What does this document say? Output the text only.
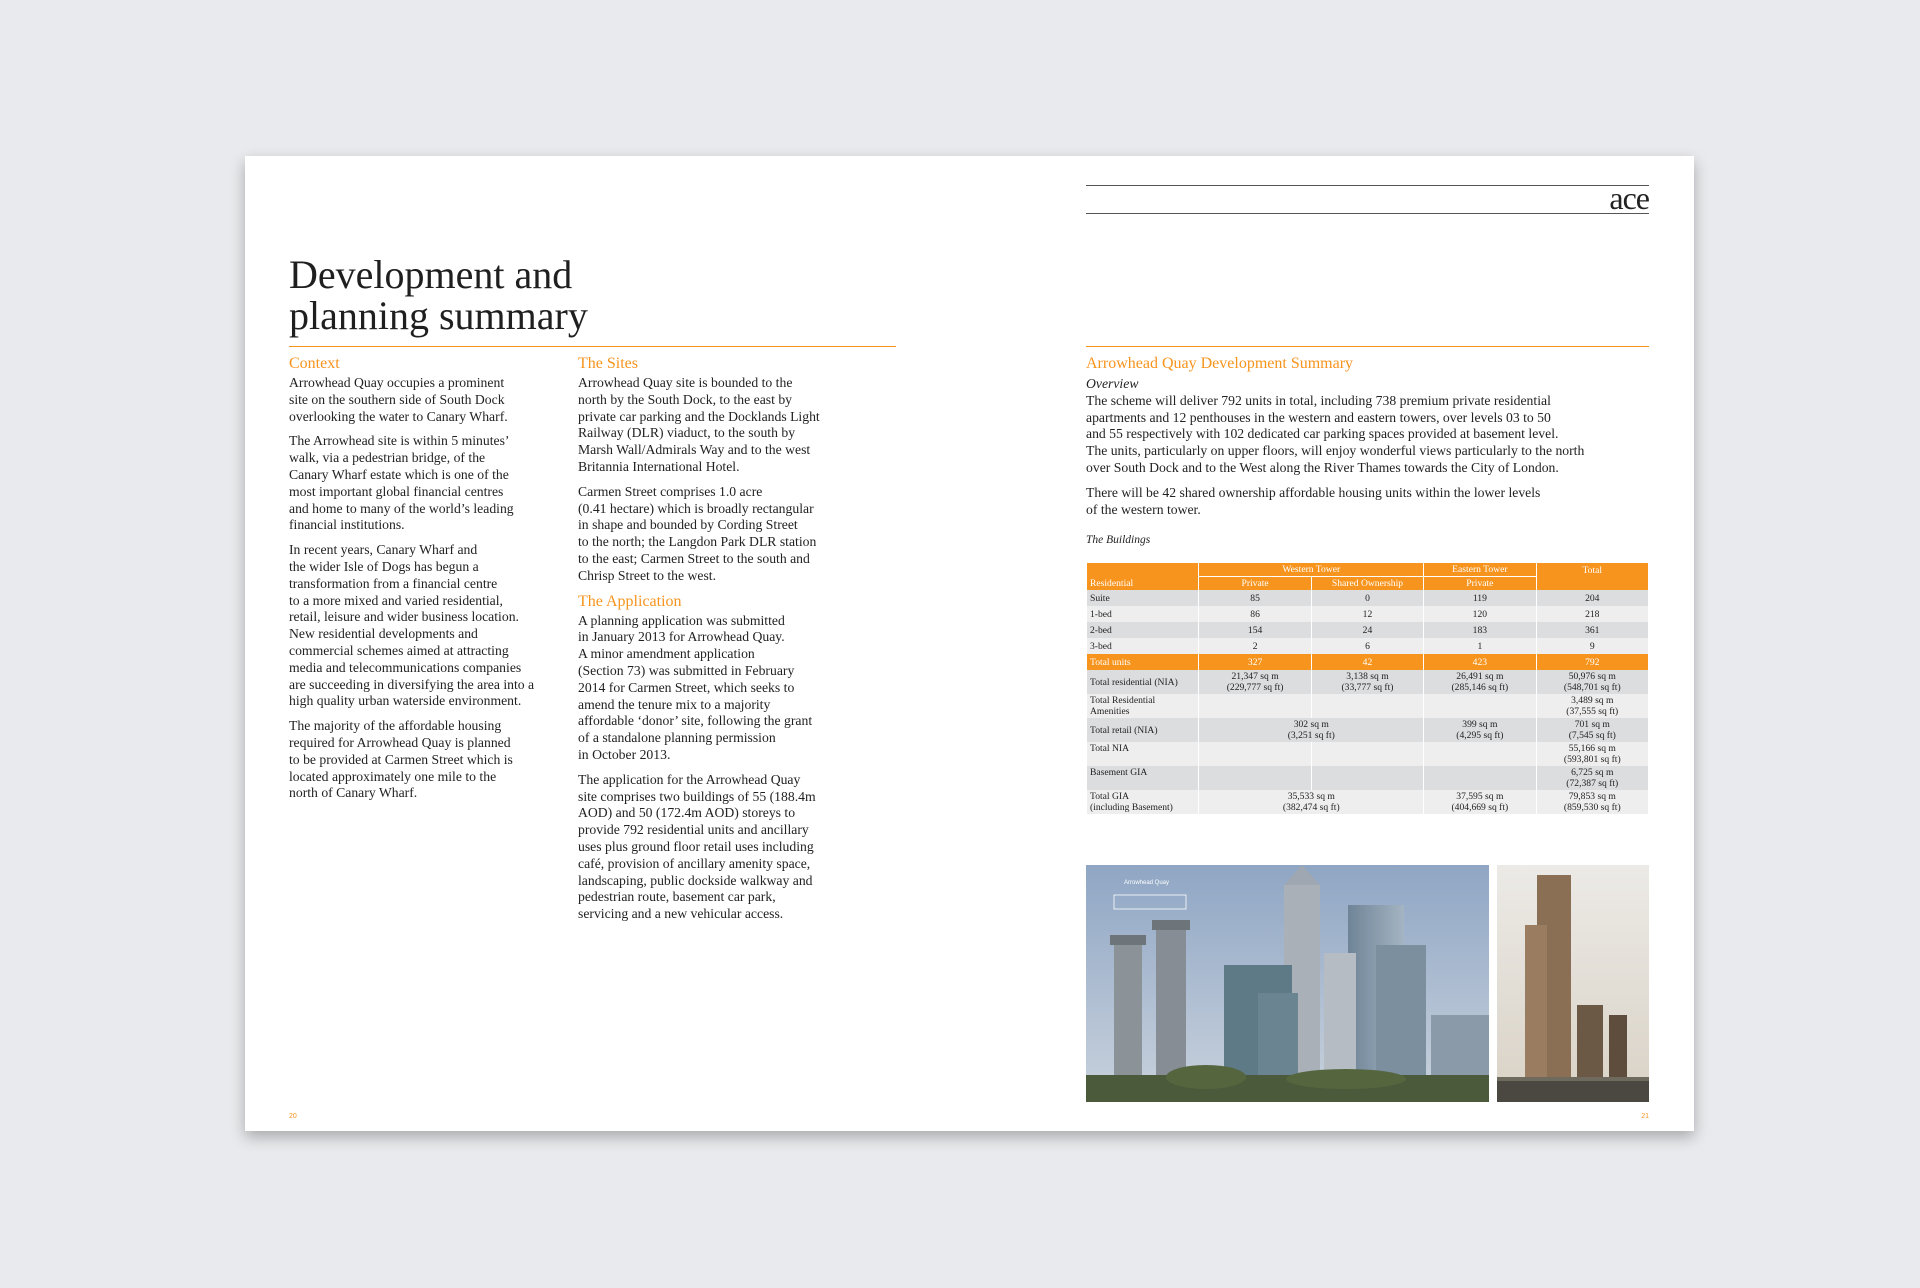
Development and
planning summary
Context

Arrowhead Quay occupies a prominent
site on the southern side of South Dock
overlooking the water to Canary Wharf.

The Arrowhead site is within 5 minutes’
walk, via a pedestrian bridge, of the
Canary Wharf estate which is one of the
most important global financial centres
and home to many of the world’s leading
financial institutions.

In recent years, Canary Wharf and
the wider Isle of Dogs has begun a
transformation from a financial centre
to a more mixed and varied residential,
retail, leisure and wider business location.
New residential developments and
commercial schemes aimed at attracting
media and telecommunications companies
are succeeding in diversifying the area into a
high quality urban waterside environment.

The majority of the affordable housing
required for Arrowhead Quay is planned
to be provided at Carmen Street which is
located approximately one mile to the
north of Canary Wharf.

The Sites

Arrowhead Quay site is bounded to the
north by the South Dock, to the east by
private car parking and the Docklands Light
Railway (DLR) viaduct, to the south by
Marsh Wall/Admirals Way and to the west
Britannia International Hotel.

Carmen Street comprises 1.0 acre
(0.41 hectare) which is broadly rectangular
in shape and bounded by Cording Street
to the north; the Langdon Park DLR station
to the east; Carmen Street to the south and
Chrisp Street to the west.

The Application

A planning application was submitted
in January 2013 for Arrowhead Quay.
A minor amendment application
(Section 73) was submitted in February
2014 for Carmen Street, which seeks to
amend the tenure mix to a majority
affordable ‘donor’ site, following the grant
of a standalone planning permission
in October 2013.

The application for the Arrowhead Quay
site comprises two buildings of 55 (188.4m
AOD) and 50 (172.4m AOD) storeys to
provide 792 residential units and ancillary
uses plus ground floor retail uses including
café, provision of ancillary amenity space,
landscaping, public dockside walkway and
pedestrian route, basement car park,
servicing and a new vehicular access.

20
ace
Arrowhead Quay Development Summary

Overview

The scheme will deliver 792 units in total, including 738 premium private residential
apartments and 12 penthouses in the western and eastern towers, over levels 03 to 50
and 55 respectively with 102 dedicated car parking spaces provided at basement level.
The units, particularly on upper floors, will enjoy wonderful views particularly to the north
over South Dock and to the West along the River Thames towards the City of London.

There will be 42 shared ownership affordable housing units within the lower levels
of the western tower.

The Buildings
	Western Tower		Eastern Tower	Total
Residential	Private	Shared Ownership	Private	
Suite	85	0	119	204
1-bed	86	12	120	218
2-bed	154	24	183	361
3-bed	2	6	1	9
Total units	327	42	423	792
Total residential (NIA)	21,347 sq m
(229,777 sq ft)	3,138 sq m
(33,777 sq ft)	26,491 sq m
(285,146 sq ft)	50,976 sq m
(548,701 sq ft)
Total Residential
Amenities				3,489 sq m
(37,555 sq ft)
Total retail (NIA)	302 sq m
(3,251 sq ft)		399 sq m
(4,295 sq ft)	701 sq m
(7,545 sq ft)
Total NIA				55,166 sq m
(593,801 sq ft)
Basement GIA				6,725 sq m
(72,387 sq ft)
Total GIA
(including Basement)	35,533 sq m
(382,474 sq ft)		37,595 sq m
(404,669 sq ft)	79,853 sq m
(859,530 sq ft)
Arrowhead Quay
21
